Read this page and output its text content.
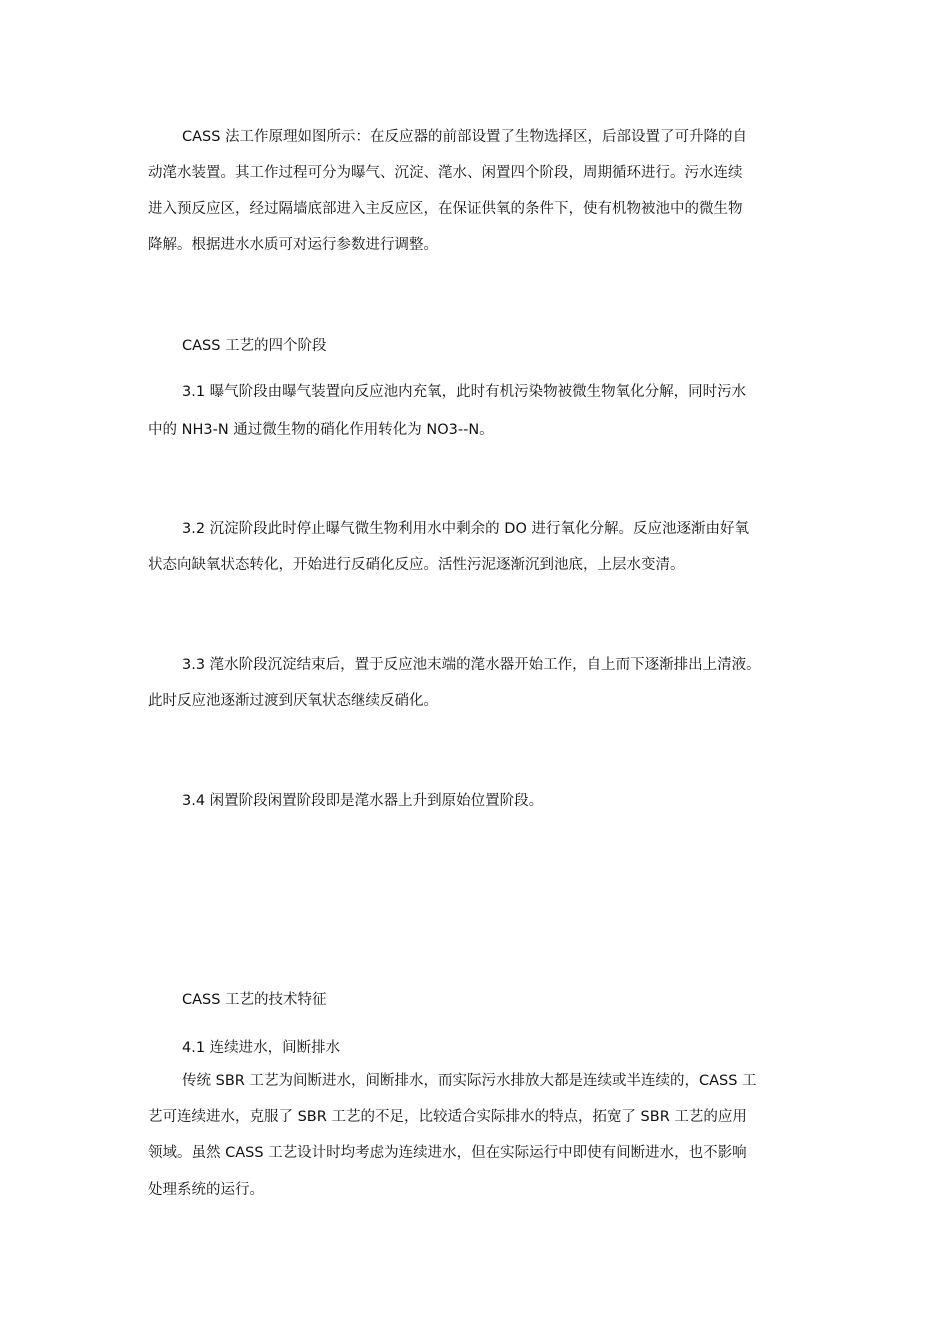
CASS 法工作原理如图所示：在反应器的前部设置了生物选择区，后部设置了可升降的自

动滗水装置。其工作过程可分为曝气、沉淀、滗水、闲置四个阶段，周期循环进行。污水连续

进入预反应区，经过隔墙底部进入主反应区，在保证供氧的条件下，使有机物被池中的微生物

降解。根据进水水质可对运行参数进行调整。

CASS 工艺的四个阶段

3.1 曝气阶段由曝气装置向反应池内充氧，此时有机污染物被微生物氧化分解，同时污水

中的 NH3-N 通过微生物的硝化作用转化为 NO3--N。

3.2 沉淀阶段此时停止曝气微生物利用水中剩余的 DO 进行氧化分解。反应池逐渐由好氧

状态向缺氧状态转化，开始进行反硝化反应。活性污泥逐渐沉到池底，上层水变清。

3.3 滗水阶段沉淀结束后，置于反应池末端的滗水器开始工作，自上而下逐渐排出上清液。

此时反应池逐渐过渡到厌氧状态继续反硝化。

3.4 闲置阶段闲置阶段即是滗水器上升到原始位置阶段。

CASS 工艺的技术特征
4.1 连续进水，间断排水

传统 SBR 工艺为间断进水，间断排水，而实际污水排放大都是连续或半连续的，CASS 工

艺可连续进水，克服了 SBR 工艺的不足，比较适合实际排水的特点，拓宽了 SBR 工艺的应用

领域。虽然 CASS 工艺设计时均考虑为连续进水，但在实际运行中即使有间断进水，也不影响

处理系统的运行。
